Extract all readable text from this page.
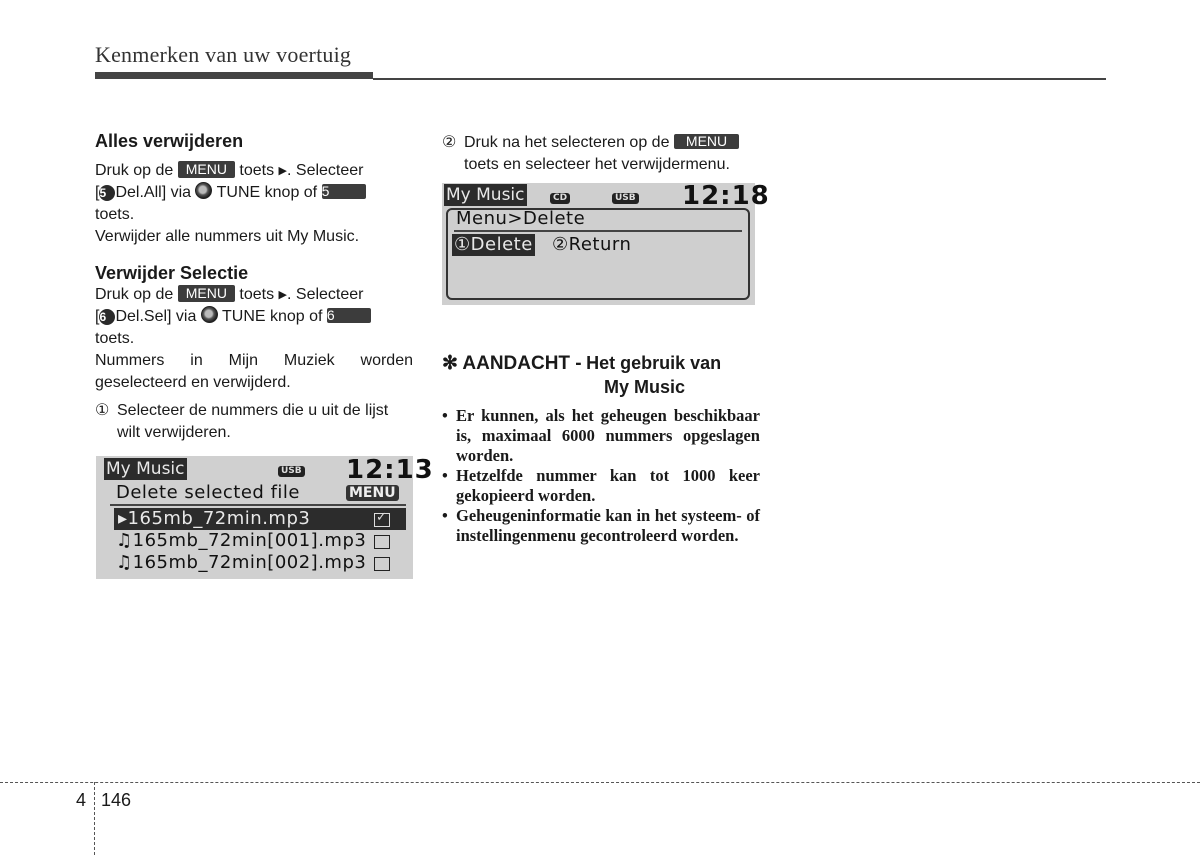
Kenmerken van uw voertuig
Alles verwijderen

Druk op de MENU toets ▶. Selecteer
[5 Del.All] via TUNE knop of 5
toets.

Verwijder alle nummers uit My Music.

Verwijder Selectie

Druk op de MENU toets ▶. Selecteer
[6 Del.Sel] via TUNE knop of 6
toets.

Nummers in Mijn Muziek worden geselecteerd en verwijderd.

① Selecteer de nummers die u uit de lijst wilt verwijderen.
My Music	USB 12:13
Delete selected file	MENU
▸165mb_72min.mp3	✓
♫165mb_72min[001].mp3
♫165mb_72min[002].mp3
② Druk na het selecteren op de MENU
toets en selecteer het verwijdermenu.
My Music	CD	USB 12:18
Menu>Delete
①Delete ②Return
✻ AANDACHT - Het gebruik van
My Music
• Er kunnen, als het geheugen beschikbaar is, maximaal 6000 nummers opgeslagen worden.
• Hetzelfde nummer kan tot 1000 keer gekopieerd worden.
• Geheugeninformatie kan in het systeem- of instellingenmenu gecontroleerd worden.
4 146
